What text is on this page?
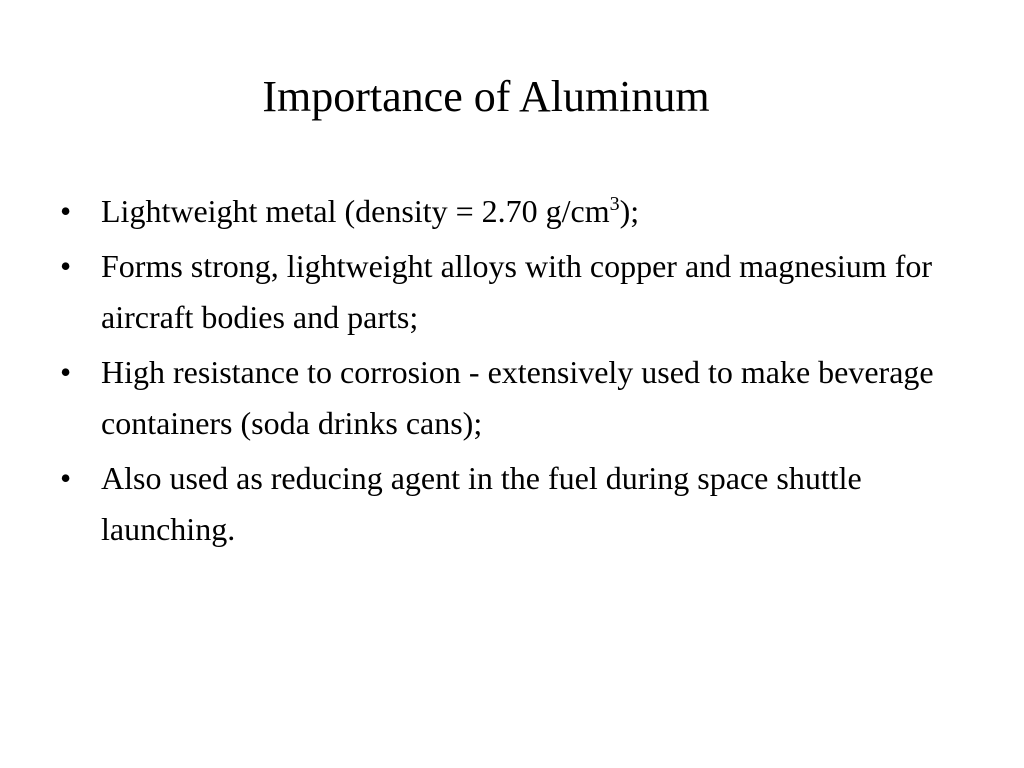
Importance of Aluminum
• Lightweight metal (density = 2.70 $g/cm^3$);
• Forms strong, lightweight alloys with copper and magnesium for aircraft bodies and parts;
• High resistance to corrosion - extensively used to make beverage containers (soda drinks cans);
• Also used as reducing agent in the fuel during space shuttle launching.
